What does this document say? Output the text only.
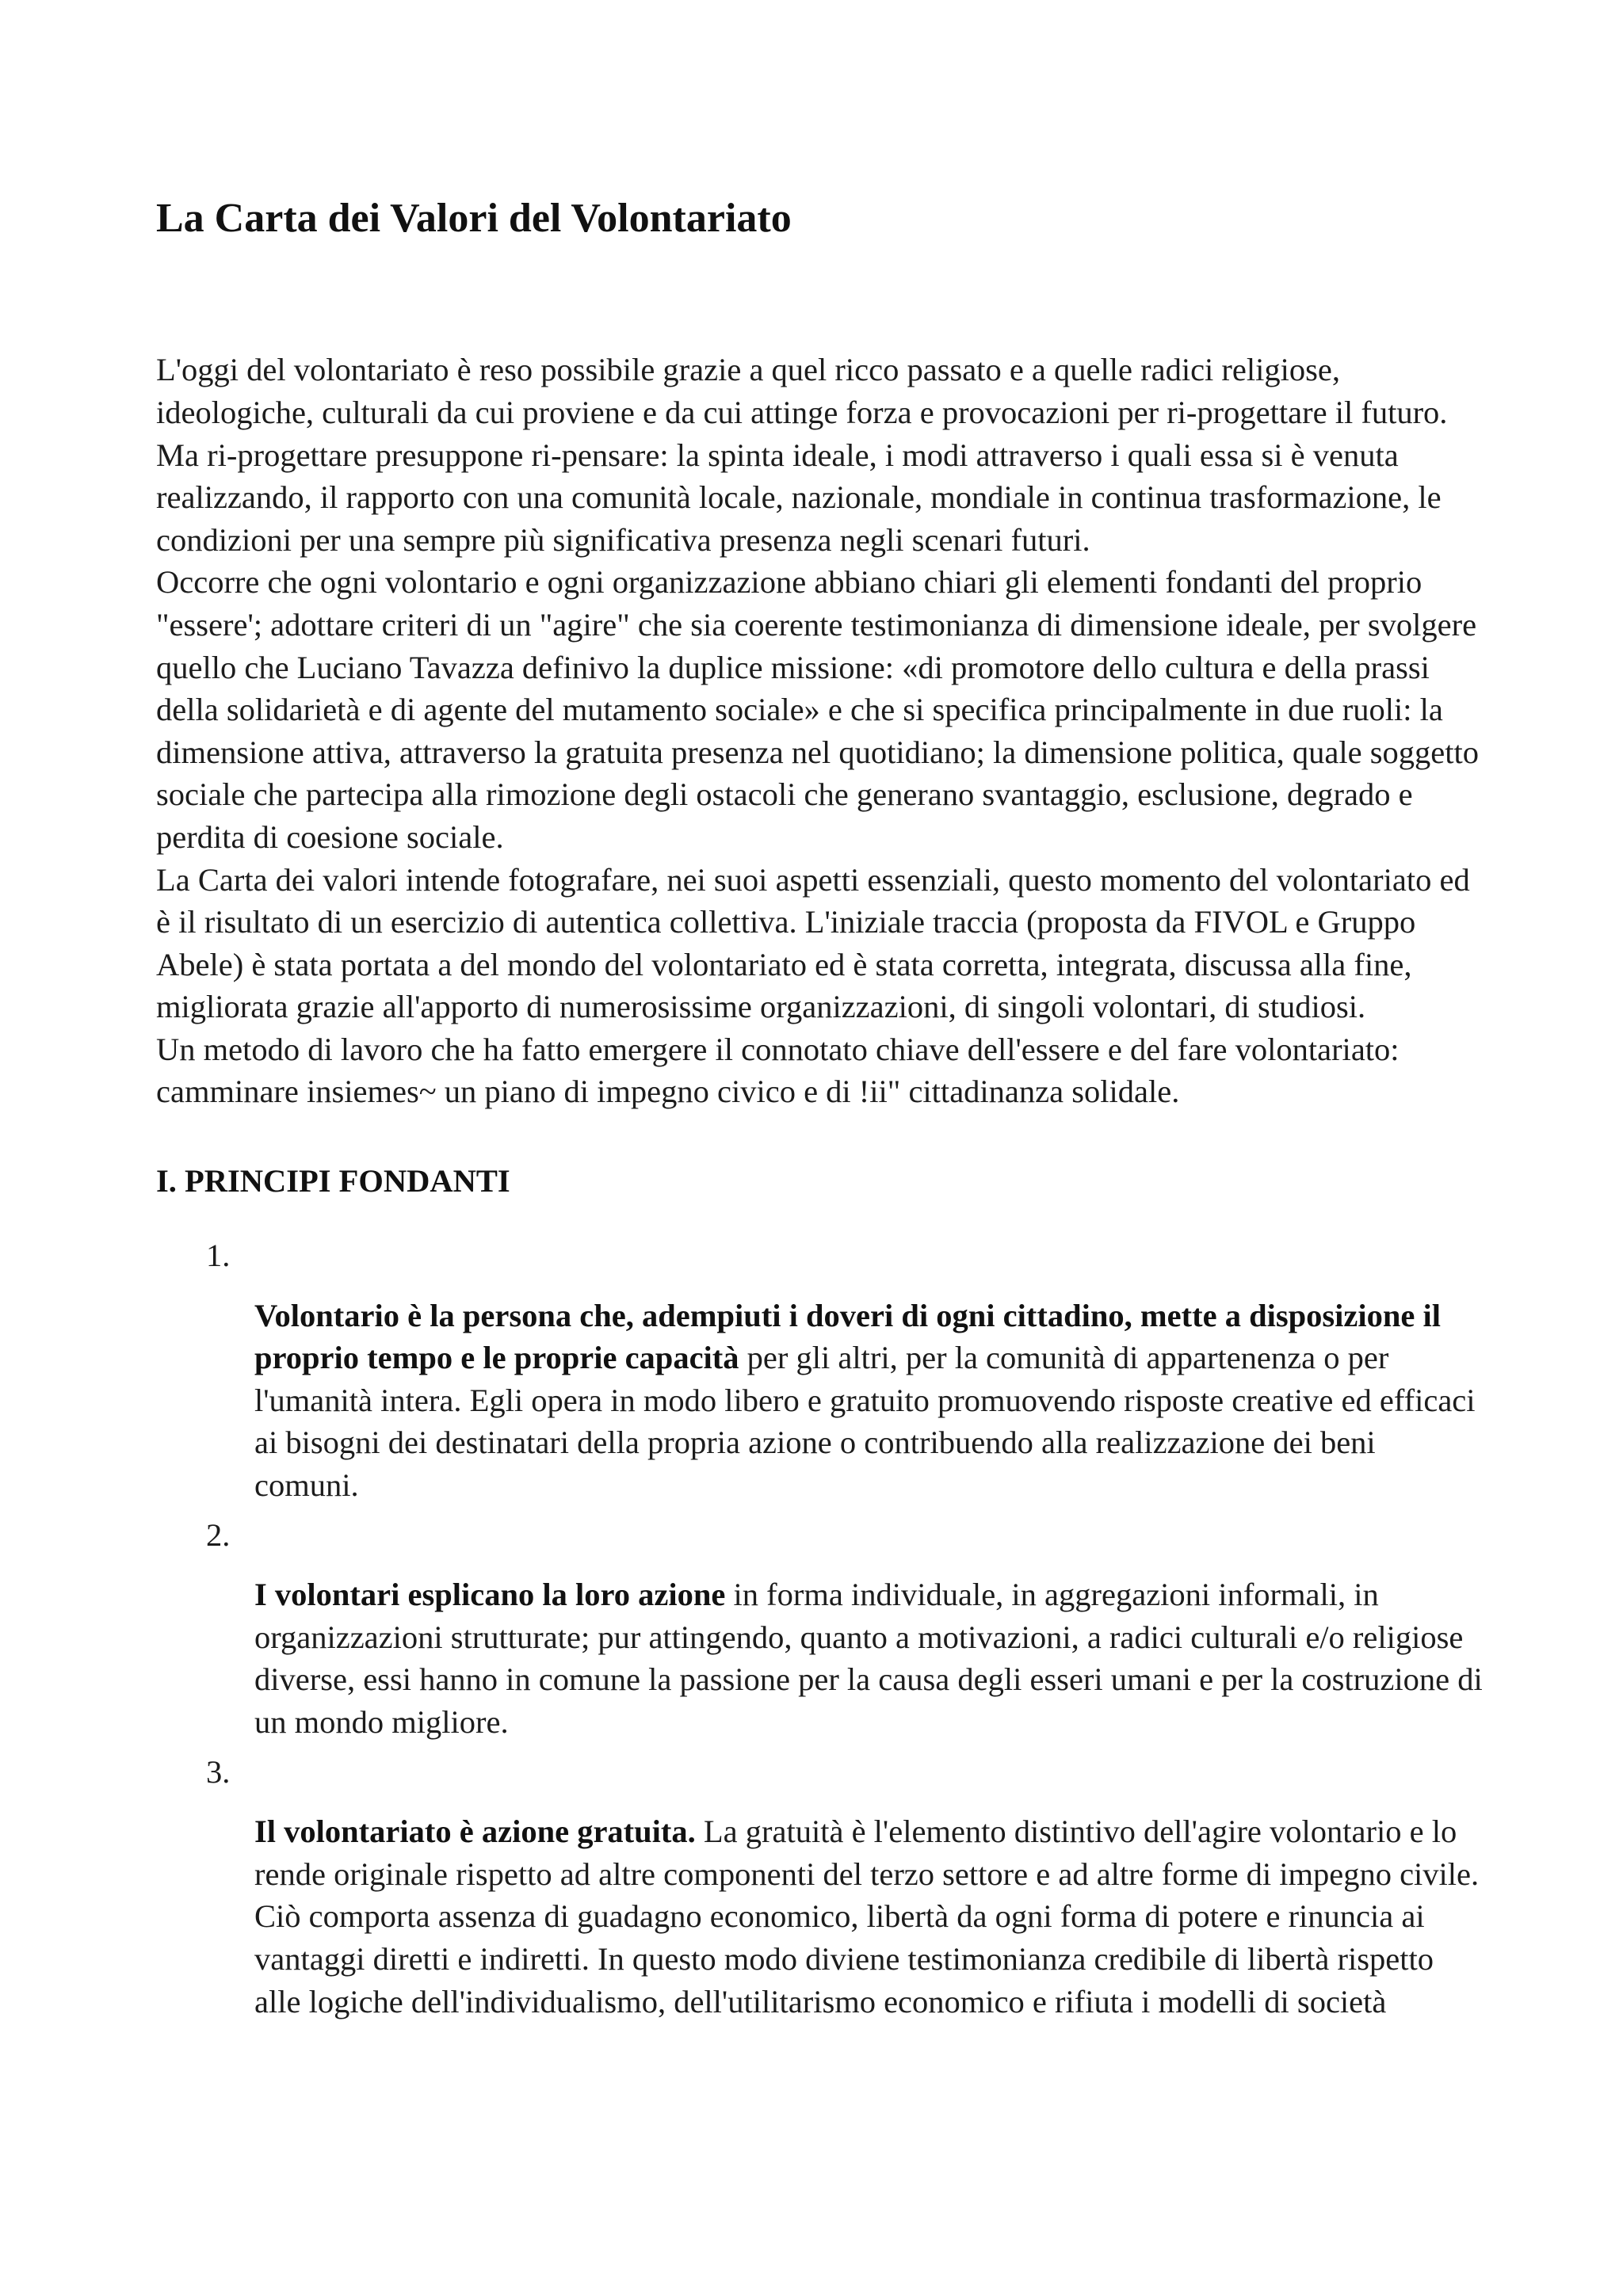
La Carta dei Valori del Volontariato

L'oggi del volontariato è reso possibile grazie a quel ricco passato e a quelle radici religiose, ideologiche, culturali da cui proviene e da cui attinge forza e provocazioni per ri-progettare il futuro.

Ma ri-progettare presuppone ri-pensare: la spinta ideale, i modi attraverso i quali essa si è venuta realizzando, il rapporto con una comunità locale, nazionale, mondiale in continua trasformazione, le condizioni per una sempre più significativa presenza negli scenari futuri.

Occorre che ogni volontario e ogni organizzazione abbiano chiari gli elementi fondanti del proprio "essere'; adottare criteri di un "agire" che sia coerente testimonianza di dimensione ideale, per svolgere quello che Luciano Tavazza definivo la duplice missione: «di promotore dello cultura e della prassi della solidarietà e di agente del mutamento sociale» e che si specifica principalmente in due ruoli: la dimensione attiva, attraverso la gratuita presenza nel quotidiano; la dimensione politica, quale soggetto sociale che partecipa alla rimozione degli ostacoli che generano svantaggio, esclusione, degrado e perdita di coesione sociale.

La Carta dei valori intende fotografare, nei suoi aspetti essenziali, questo momento del volontariato ed è il risultato di un esercizio di autentica collettiva. L'iniziale traccia (proposta da FIVOL e Gruppo Abele) è stata portata a del mondo del volontariato ed è stata corretta, integrata, discussa alla fine, migliorata grazie all'apporto di numerosissime organizzazioni, di singoli volontari, di studiosi.

Un metodo di lavoro che ha fatto emergere il connotato chiave dell'essere e del fare volontariato: camminare insiemes~ un piano di impegno civico e di !ii" cittadinanza solidale.

I. PRINCIPI FONDANTI
1.
Volontario è la persona che, adempiuti i doveri di ogni cittadino, mette a disposizione il proprio tempo e le proprie capacità per gli altri, per la comunità di appartenenza o per l'umanità intera. Egli opera in modo libero e gratuito promuovendo risposte creative ed efficaci ai bisogni dei destinatari della propria azione o contribuendo alla realizzazione dei beni comuni.
2.
I volontari esplicano la loro azione in forma individuale, in aggregazioni informali, in organizzazioni strutturate; pur attingendo, quanto a motivazioni, a radici culturali e/o religiose diverse, essi hanno in comune la passione per la causa degli esseri umani e per la costruzione di un mondo migliore.
3.
Il volontariato è azione gratuita. La gratuità è l'elemento distintivo dell'agire volontario e lo rende originale rispetto ad altre componenti del terzo settore e ad altre forme di impegno civile. Ciò comporta assenza di guadagno economico, libertà da ogni forma di potere e rinuncia ai vantaggi diretti e indiretti. In questo modo diviene testimonianza credibile di libertà rispetto alle logiche dell'individualismo, dell'utilitarismo economico e rifiuta i modelli di società
